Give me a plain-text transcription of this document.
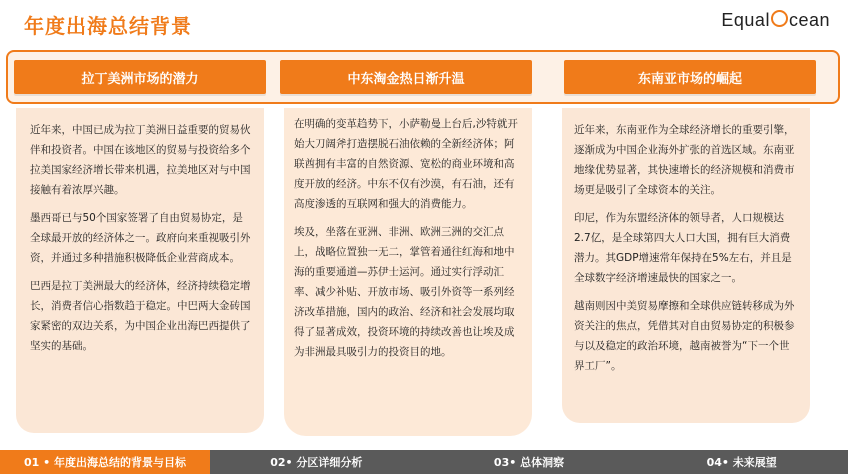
年度出海总结背景	Equal cean
拉丁美洲市场的潜力	中东淘金热日渐升温	东南亚市场的崛起

近年来，中国已成为拉丁美洲日益重要的贸易伙伴和投资者。中国在该地区的贸易与投资给多个拉美国家经济增长带来机遇，拉美地区对与中国接触有着浓厚兴趣。

墨西哥已与50个国家签署了自由贸易协定，是全球最开放的经济体之一。政府向来重视吸引外资，并通过多种措施积极降低企业营商成本。

巴西是拉丁美洲最大的经济体，经济持续稳定增长，消费者信心指数趋于稳定。中巴两大金砖国家紧密的双边关系，为中国企业出海巴西提供了坚实的基础。

在明确的变革趋势下，小萨勒曼上台后,沙特就开始大刀阔斧打造摆脱石油依赖的全新经济体；阿联酋拥有丰富的自然资源、宽松的商业环境和高度开放的经济。中东不仅有沙漠，有石油，还有高度渗透的互联网和强大的消费能力。

埃及，坐落在亚洲、非洲、欧洲三洲的交汇点上，战略位置独一无二，掌管着通往红海和地中海的重要通道—苏伊士运河。通过实行浮动汇率、减少补贴、开放市场、吸引外资等一系列经济改革措施，国内的政治、经济和社会发展均取得了显著成效，投资环境的持续改善也让埃及成为非洲最具吸引力的投资目的地。

近年来，东南亚作为全球经济增长的重要引擎，逐渐成为中国企业海外扩张的首选区域。东南亚地缘优势显著，其快速增长的经济规模和消费市场更是吸引了全球资本的关注。

印尼，作为东盟经济体的领导者，人口规模达2.7亿，是全球第四大人口大国，拥有巨大消费潜力。其GDP增速常年保持在5%左右，并且是全球数字经济增速最快的国家之一。

越南则因中美贸易摩擦和全球供应链转移成为外资关注的焦点，凭借其对自由贸易协定的积极参与以及稳定的政治环境，越南被誉为“下一个世界工厂”。

01 • 年度出海总结的背景与目标	02• 分区详细分析	03• 总体洞察	04• 未来展望
